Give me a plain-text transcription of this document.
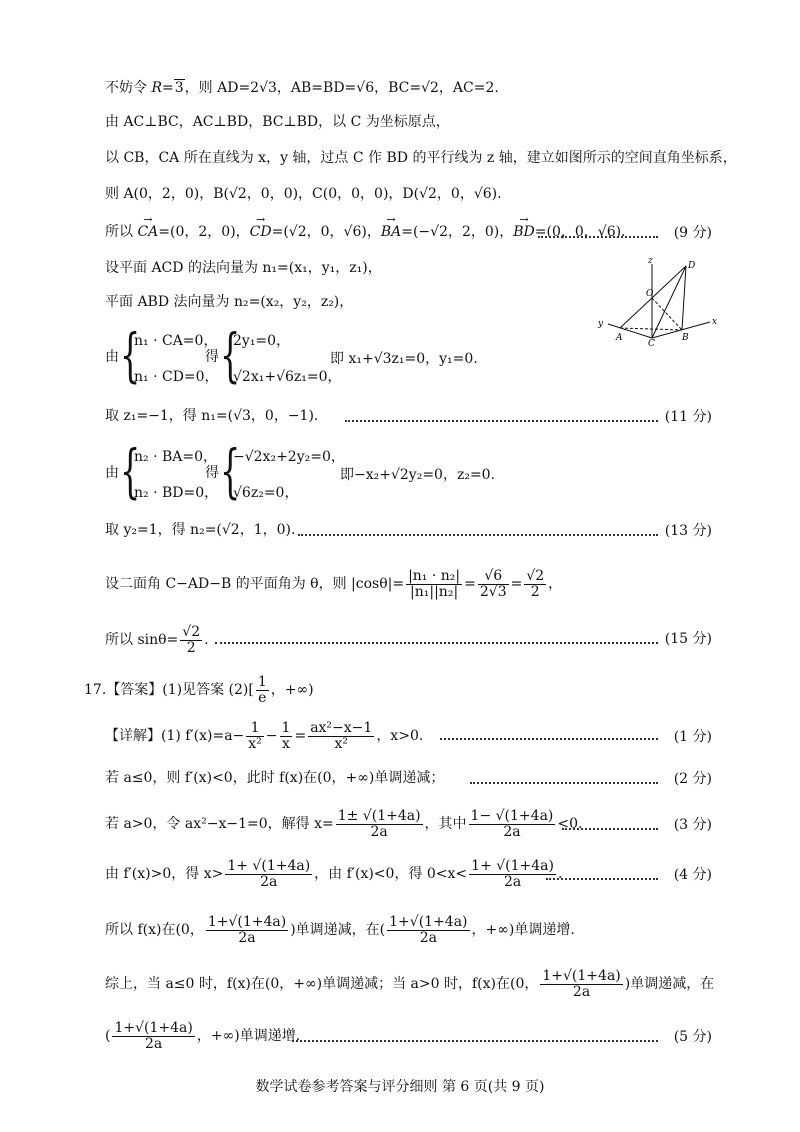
不妨令 R=3，则 AD=2√3，AB=BD=√6，BC=√2，AC=2.
由 AC⊥BC，AC⊥BD，BC⊥BD，以 C 为坐标原点，
以 CB，CA 所在直线为 x，y 轴，过点 C 作 BD 的平行线为 z 轴，建立如图所示的空间直角坐标系，
则 A(0，2，0)，B(√2，0，0)，C(0，0，0)，D(√2，0，√6).
所以 → CA=(0，2，0)，→ CD=(√2，0，√6)，→ BA=(−√2，2，0)，→ BD=(0，0，√6).	(9 分)
设平面 ACD 的法向量为 n₁=(x₁，y₁，z₁)，
平面 ABD 法向量为 n₂=(x₂，y₂，z₂)，
z
y	x
D
O
A
C
B
由 {
n₁ · CA=0，
n₁ · CD=0，
得 {
2y₁=0，
√2x₁+√6z₁=0，
即 x₁+√3z₁=0，y₁=0.
取 z₁=−1，得 n₁=(√3，0，−1).	(11 分)
由 {
n₂ · BA=0，
n₂ · BD=0，
得 {
−√2x₂+2y₂=0，
√6z₂=0，
即−x₂+√2y₂=0，z₂=0.
取 y₂=1，得 n₂=(√2，1，0).	(13 分)
设二面角 C−AD−B 的平面角为 θ，则 $|\cos\theta|= \frac{\text{|n₁ · n₂|}}{\text{|n₁||n₂|}} = \frac{√6}{2√3} = \frac{√2}{2}$ ，
所以 $\sin\theta= \frac{√2}{2}$ .	(15 分)
17.【答案】(1)见答案 $(2)[ \frac{1}{e}$ ，+∞)
【详解】(1) $f'(x)=a- \frac{1}{\text{x²}} - \frac{1}{x} = \frac{\text{ax²−x−1}}{\text{x²}}$ ，x>0.	(1 分)
若 a≤0，则 f′(x)<0，此时 f(x)在(0，+∞)单调递减；	(2 分)
若 a>0，令 ax²−x−1=0，解得 $x= \frac{1\pm √(1+4a)}{2a}$ ，其中 $\frac{1- √(1+4a)}{2a} <0$.	(3 分)
由 f′(x)>0，得 $x> \frac{1+ √(1+4a)}{2a}$ ，由 f′(x)<0，得 $0<x< \frac{1+ √(1+4a)}{2a}$ .	(4 分)
所以 f(x)在(0， $\frac{1+√(1+4a)}{2a}$ )单调递减，在( $\frac{1+√(1+4a)}{2a}$ ，+∞)单调递增.
综上，当 a≤0 时，f(x)在(0，+∞)单调递减；当 a>0 时，f(x)在(0， $\frac{1+√(1+4a)}{2a}$ )单调递减，在
( $\frac{1+√(1+4a)}{2a}$ ，+∞)单调递增.	(5 分)
数学试卷参考答案与评分细则 第 6 页(共 9 页)
